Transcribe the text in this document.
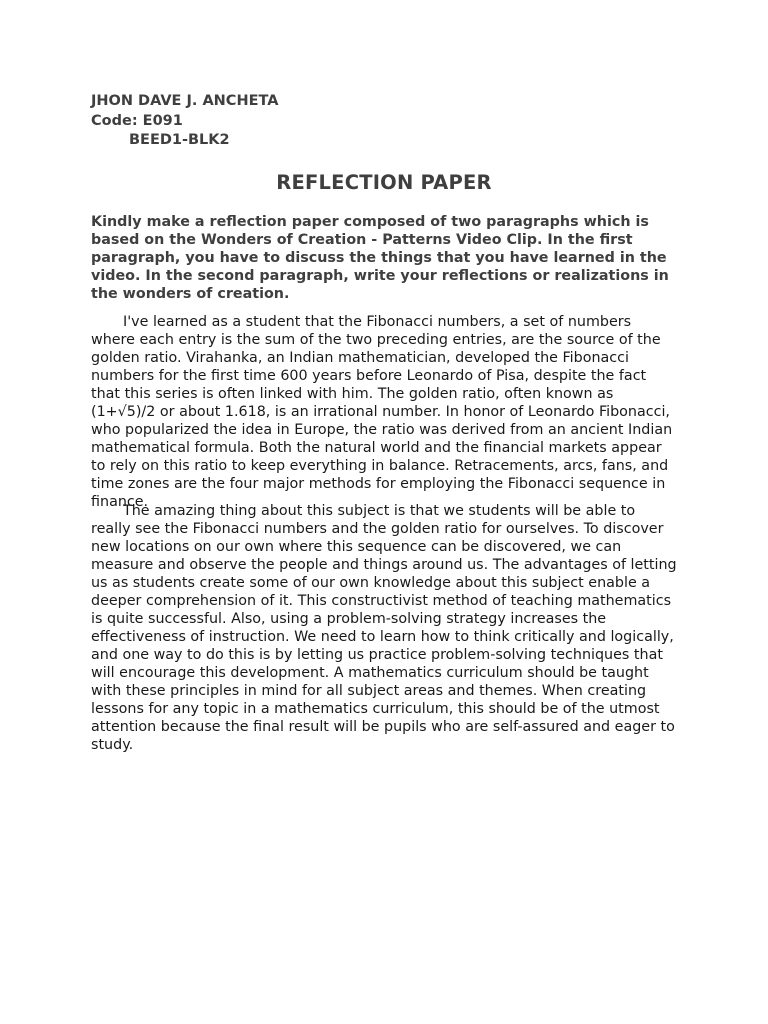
JHON DAVE J. ANCHETA
Code: E091
BEED1-BLK2
REFLECTION PAPER

Kindly make a reflection paper composed of two paragraphs which is based on the Wonders of Creation - Patterns Video Clip. In the first paragraph, you have to discuss the things that you have learned in the video. In the second paragraph, write your reflections or realizations in the wonders of creation.

I've learned as a student that the Fibonacci numbers, a set of numbers where each entry is the sum of the two preceding entries, are the source of the golden ratio. Virahanka, an Indian mathematician, developed the Fibonacci numbers for the first time 600 years before Leonardo of Pisa, despite the fact that this series is often linked with him. The golden ratio, often known as (1+√5)/2 or about 1.618, is an irrational number. In honor of Leonardo Fibonacci, who popularized the idea in Europe, the ratio was derived from an ancient Indian mathematical formula. Both the natural world and the financial markets appear to rely on this ratio to keep everything in balance. Retracements, arcs, fans, and time zones are the four major methods for employing the Fibonacci sequence in finance.

The amazing thing about this subject is that we students will be able to really see the Fibonacci numbers and the golden ratio for ourselves. To discover new locations on our own where this sequence can be discovered, we can measure and observe the people and things around us. The advantages of letting us as students create some of our own knowledge about this subject enable a deeper comprehension of it. This constructivist method of teaching mathematics is quite successful. Also, using a problem-solving strategy increases the effectiveness of instruction. We need to learn how to think critically and logically, and one way to do this is by letting us practice problem-solving techniques that will encourage this development. A mathematics curriculum should be taught with these principles in mind for all subject areas and themes. When creating lessons for any topic in a mathematics curriculum, this should be of the utmost attention because the final result will be pupils who are self-assured and eager to study.
